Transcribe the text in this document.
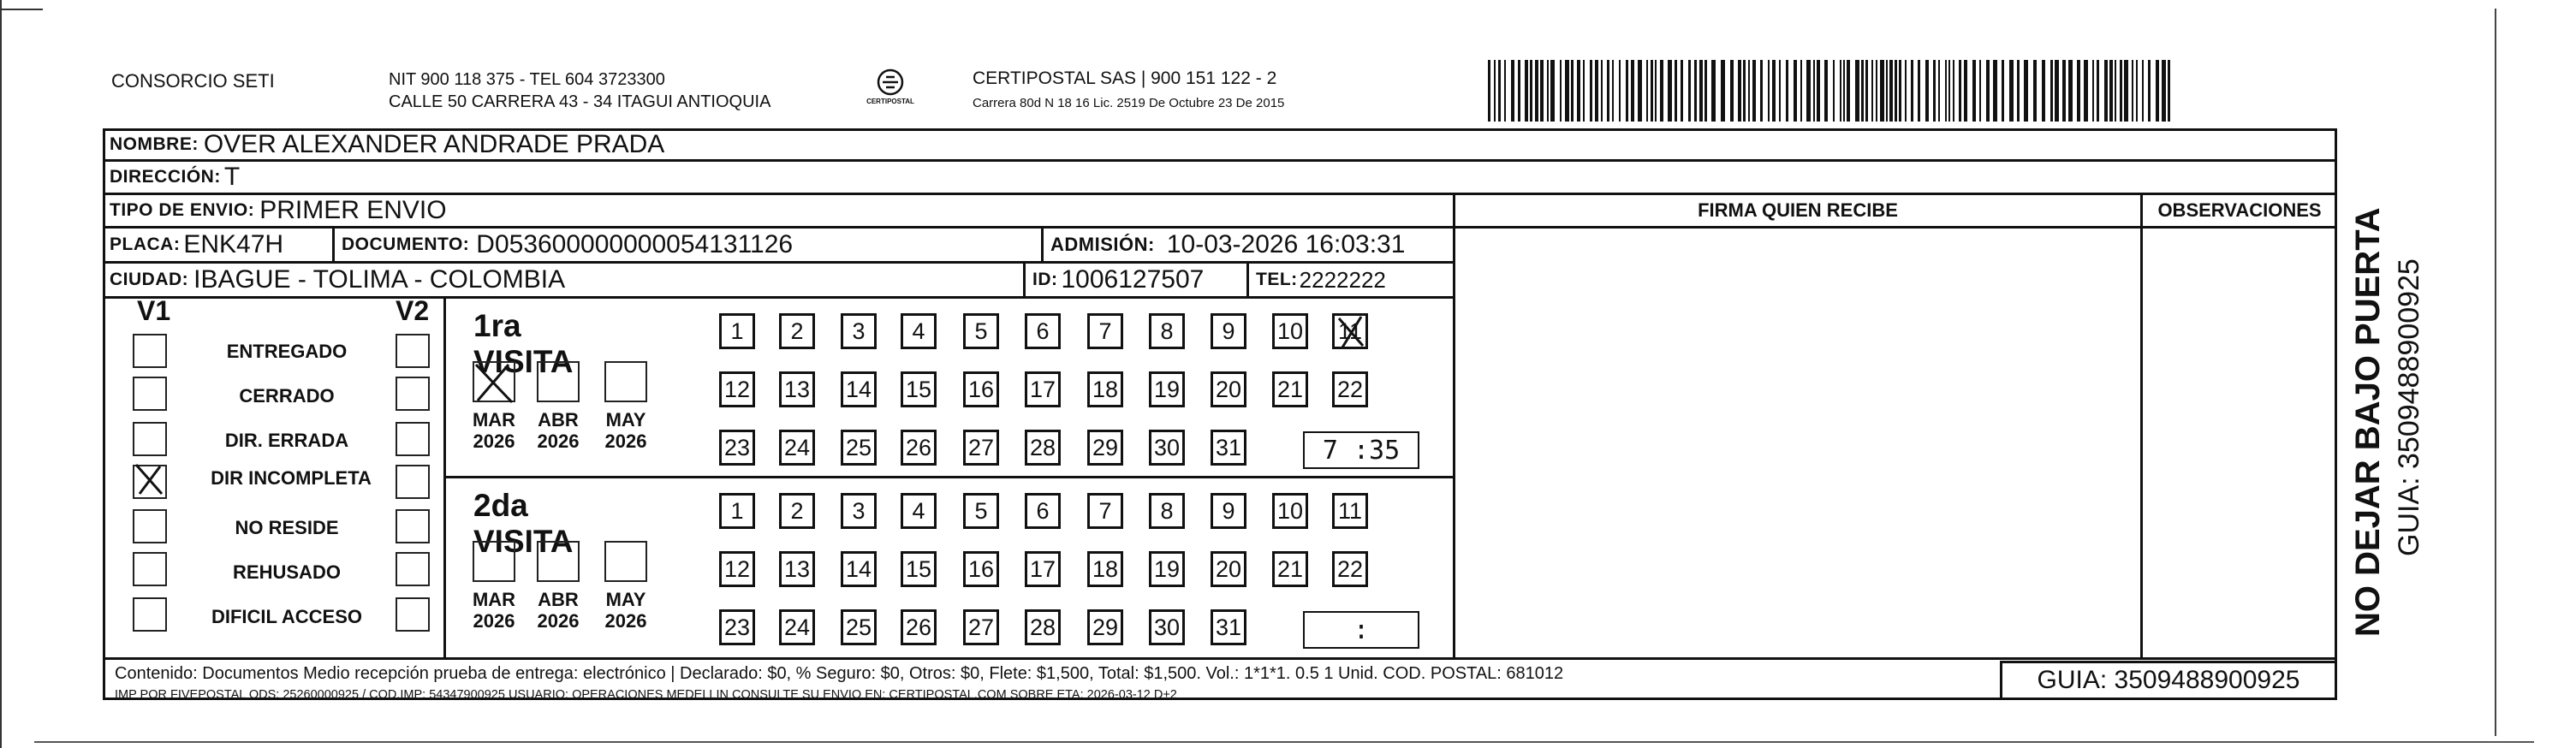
CONSORCIO SETI	NIT 900 118 375 - TEL 604 3723300
CALLE 50 CARRERA 43 - 34 ITAGUI ANTIOQUIA	CERTIPOSTAL
CERTIPOSTAL SAS | 900 151 122 - 2
Carrera 80d N 18 16 Lic. 2519 De Octubre 23 De 2015
NOMBRE: OVER ALEXANDER ANDRADE PRADA
DIRECCIÓN: T
TIPO DE ENVIO: PRIMER ENVIO	FIRMA QUIEN RECIBE	OBSERVACIONES
PLACA: ENK47H	DOCUMENTO: D053600000000054131126	ADMISIÓN: 10-03-2026 16:03:31
CIUDAD: IBAGUE - TOLIMA - COLOMBIA	ID: 1006127507	TEL: 2222222
V1	V2
ENTREGADO
CERRADO
DIR. ERRADA
DIR INCOMPLETA
NO RESIDE
REHUSADO
DIFICIL ACCESO
1ra VISITA
MAR
2026
ABR
2026
MAY
2026
1 2 3 4 5 6 7 8 9 10 11
12 13 14 15 16 17 18 19 20 21 22
23 24 25 26 27 28 29 30 31	7 :35
2da VISITA
MAR
2026
ABR
2026
MAY
2026
1 2 3 4 5 6 7 8 9 10 11
12 13 14 15 16 17 18 19 20 21 22
23 24 25 26 27 28 29 30 31	:
Contenido: Documentos Medio recepción prueba de entrega: electrónico | Declarado: $0, % Seguro: $0, Otros: $0, Flete: $1,500, Total: $1,500. Vol.: 1*1*1. 0.5 1 Unid. COD. POSTAL: 681012
IMP POR FIVEPOSTAL ODS: 25260000925 / COD.IMP: 54347900925 USUARIO: OPERACIONES MEDELLIN CONSULTE SU ENVIO EN: CERTIPOSTAL.COM SOBRE ETA: 2026-03-12 D+2
GUIA: 3509488900925
NO DEJAR BAJO PUERTA GUIA: 3509488900925
